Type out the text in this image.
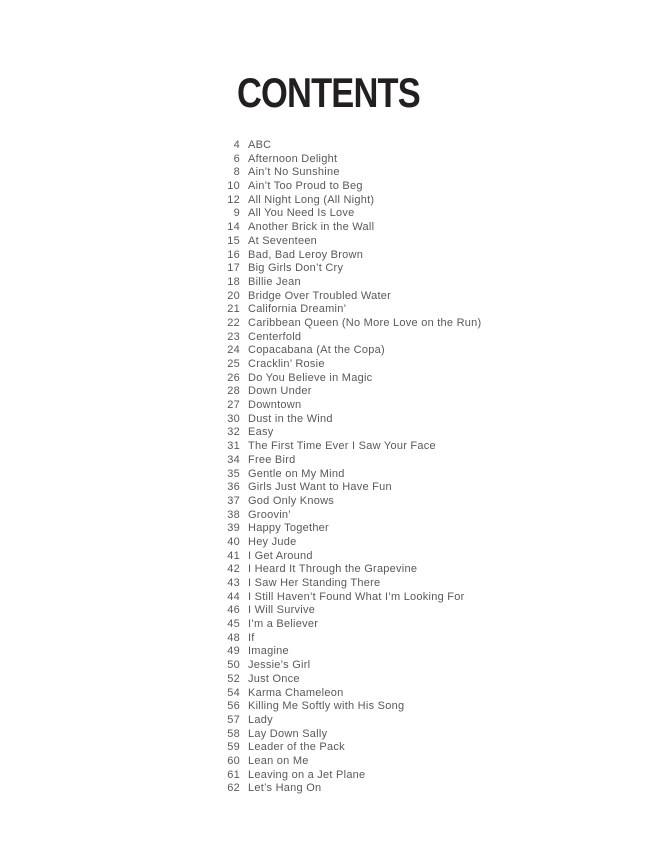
CONTENTS
4 ABC
6 Afternoon Delight
8 Ain’t No Sunshine
10 Ain’t Too Proud to Beg
12 All Night Long (All Night)
9 All You Need Is Love
14 Another Brick in the Wall
15 At Seventeen
16 Bad, Bad Leroy Brown
17 Big Girls Don’t Cry
18 Billie Jean
20 Bridge Over Troubled Water
21 California Dreamin’
22 Caribbean Queen (No More Love on the Run)
23 Centerfold
24 Copacabana (At the Copa)
25 Cracklin’ Rosie
26 Do You Believe in Magic
28 Down Under
27 Downtown
30 Dust in the Wind
32 Easy
31 The First Time Ever I Saw Your Face
34 Free Bird
35 Gentle on My Mind
36 Girls Just Want to Have Fun
37 God Only Knows
38 Groovin’
39 Happy Together
40 Hey Jude
41 I Get Around
42 I Heard It Through the Grapevine
43 I Saw Her Standing There
44 I Still Haven’t Found What I’m Looking For
46 I Will Survive
45 I’m a Believer
48 If
49 Imagine
50 Jessie’s Girl
52 Just Once
54 Karma Chameleon
56 Killing Me Softly with His Song
57 Lady
58 Lay Down Sally
59 Leader of the Pack
60 Lean on Me
61 Leaving on a Jet Plane
62 Let’s Hang On
